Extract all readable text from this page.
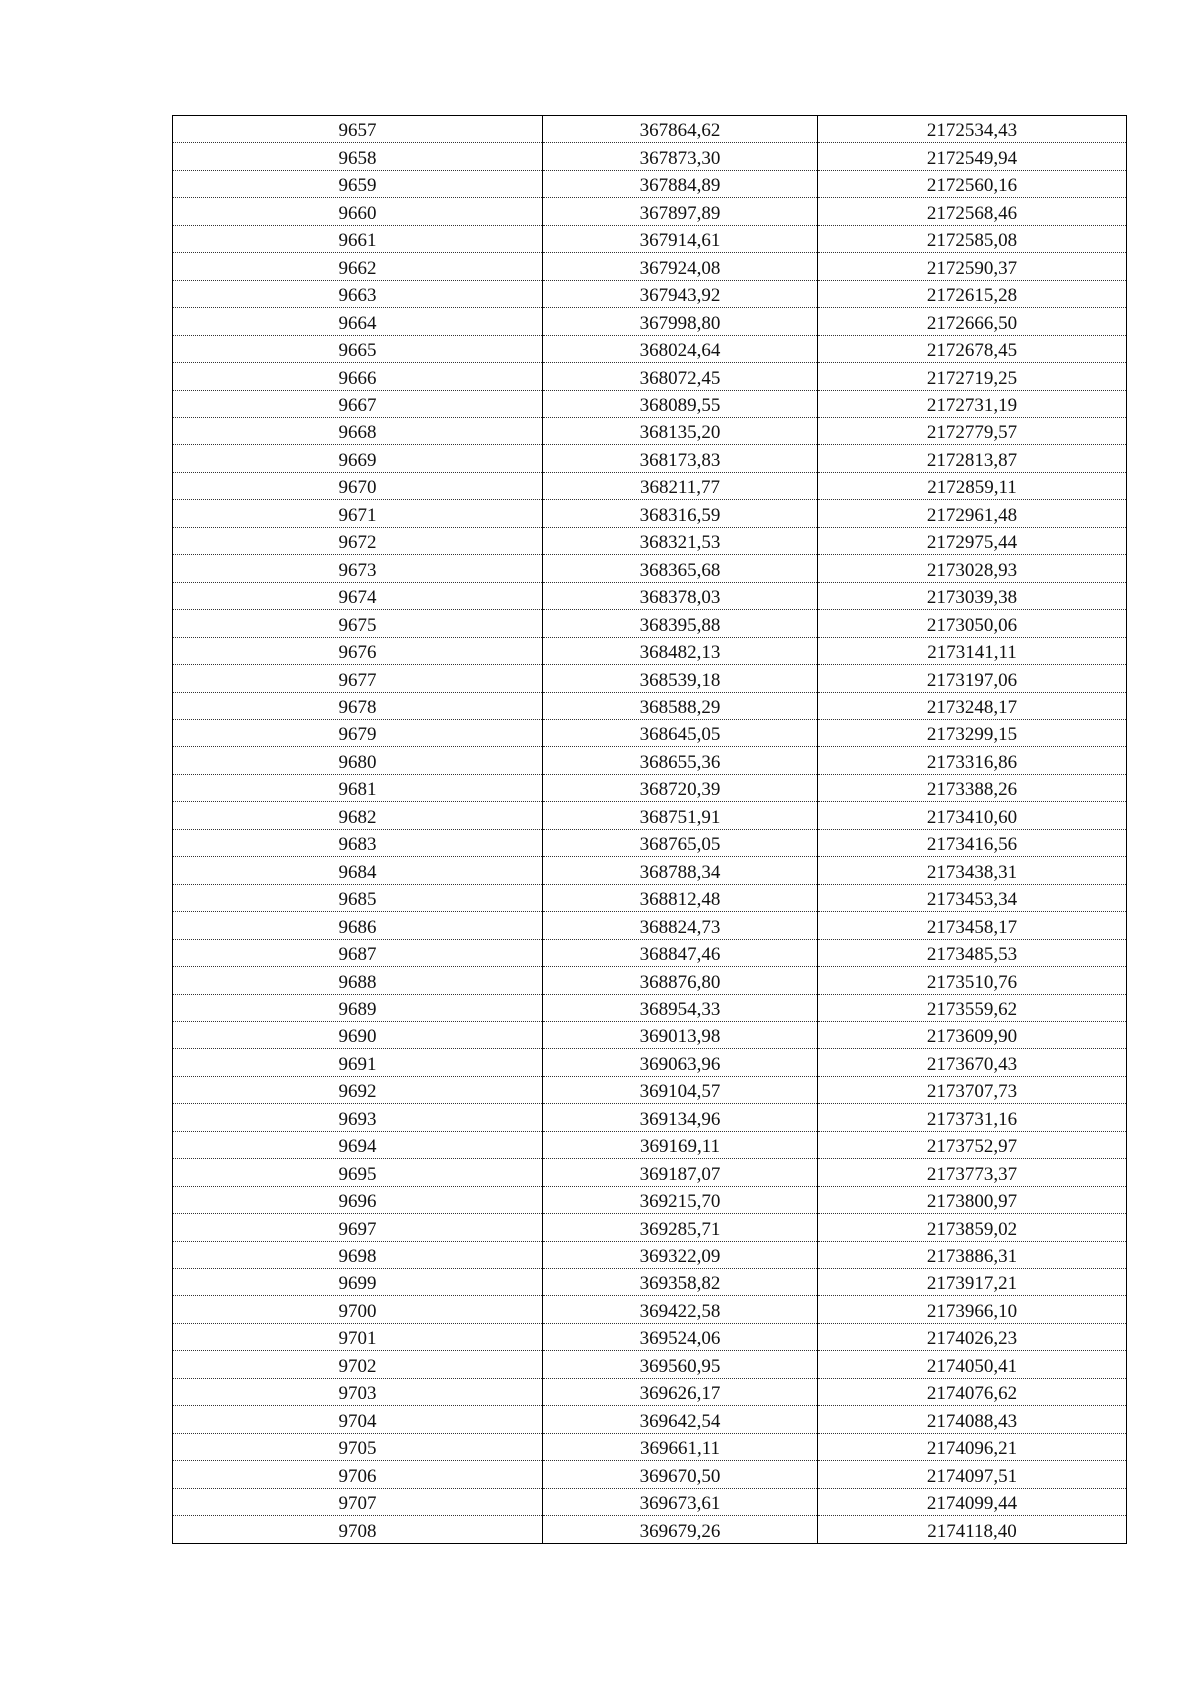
9657	367864,62	2172534,43
9658	367873,30	2172549,94
9659	367884,89	2172560,16
9660	367897,89	2172568,46
9661	367914,61	2172585,08
9662	367924,08	2172590,37
9663	367943,92	2172615,28
9664	367998,80	2172666,50
9665	368024,64	2172678,45
9666	368072,45	2172719,25
9667	368089,55	2172731,19
9668	368135,20	2172779,57
9669	368173,83	2172813,87
9670	368211,77	2172859,11
9671	368316,59	2172961,48
9672	368321,53	2172975,44
9673	368365,68	2173028,93
9674	368378,03	2173039,38
9675	368395,88	2173050,06
9676	368482,13	2173141,11
9677	368539,18	2173197,06
9678	368588,29	2173248,17
9679	368645,05	2173299,15
9680	368655,36	2173316,86
9681	368720,39	2173388,26
9682	368751,91	2173410,60
9683	368765,05	2173416,56
9684	368788,34	2173438,31
9685	368812,48	2173453,34
9686	368824,73	2173458,17
9687	368847,46	2173485,53
9688	368876,80	2173510,76
9689	368954,33	2173559,62
9690	369013,98	2173609,90
9691	369063,96	2173670,43
9692	369104,57	2173707,73
9693	369134,96	2173731,16
9694	369169,11	2173752,97
9695	369187,07	2173773,37
9696	369215,70	2173800,97
9697	369285,71	2173859,02
9698	369322,09	2173886,31
9699	369358,82	2173917,21
9700	369422,58	2173966,10
9701	369524,06	2174026,23
9702	369560,95	2174050,41
9703	369626,17	2174076,62
9704	369642,54	2174088,43
9705	369661,11	2174096,21
9706	369670,50	2174097,51
9707	369673,61	2174099,44
9708	369679,26	2174118,40
